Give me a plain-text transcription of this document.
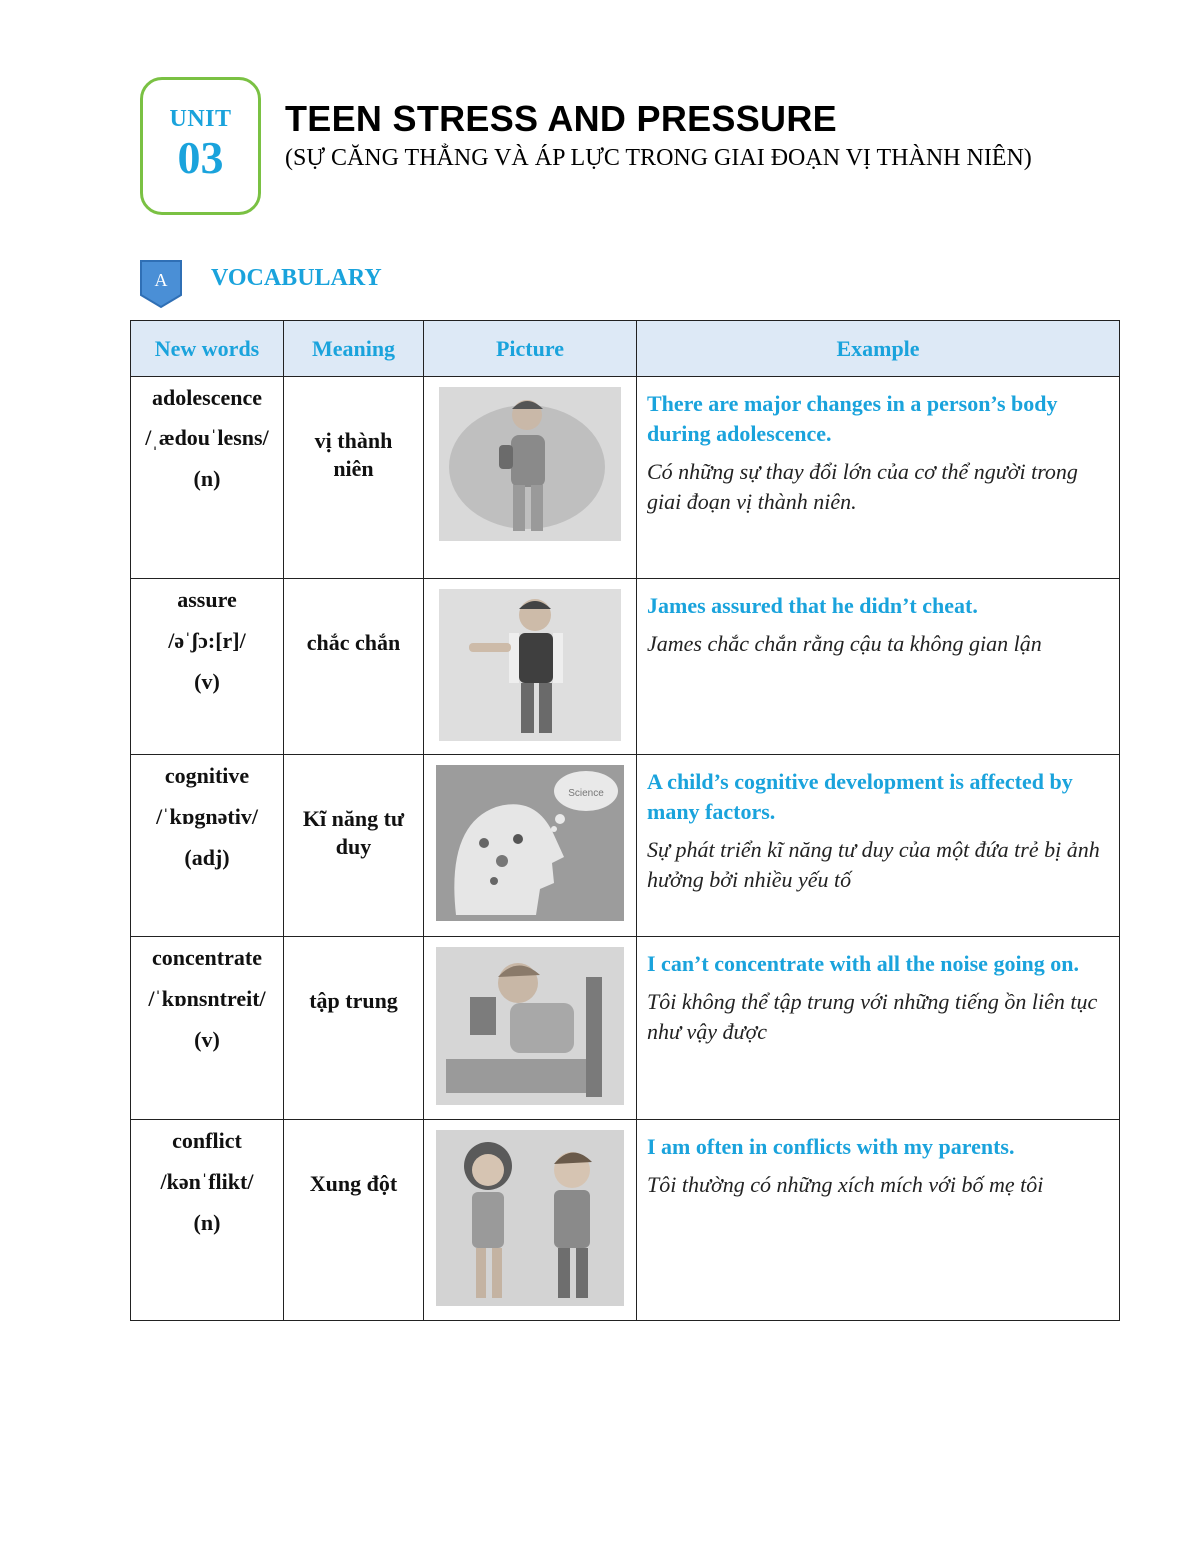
UNIT
03
TEEN STRESS AND PRESSURE
(SỰ CĂNG THẲNG VÀ ÁP LỰC TRONG GIAI ĐOẠN VỊ THÀNH NIÊN)
A VOCABULARY
New words	Meaning	Picture	Example

adolescence
/ˌædouˈlesns/
(n)	vị thành niên		There are major changes in a person’s body during adolescence.
Có những sự thay đổi lớn của cơ thể người trong giai đoạn vị thành niên.

assure
/əˈʃɔ:[r]/
(v)	chắc chắn		James assured that he didn’t cheat.
James chắc chắn rằng cậu ta không gian lận

cognitive
/ˈkɒgnətiv/
(adj)	Kĩ năng tư duy	Science	A child’s cognitive development is affected by many factors.
Sự phát triển kĩ năng tư duy của một đứa trẻ bị ảnh hưởng bởi nhiều yếu tố

concentrate
/ˈkɒnsntreit/
(v)	tập trung		I can’t concentrate with all the noise going on.
Tôi không thể tập trung với những tiếng ồn liên tục như vậy được

conflict
/kənˈflikt/
(n)	Xung đột		I am often in conflicts with my parents.
Tôi thường có những xích mích với bố mẹ tôi
